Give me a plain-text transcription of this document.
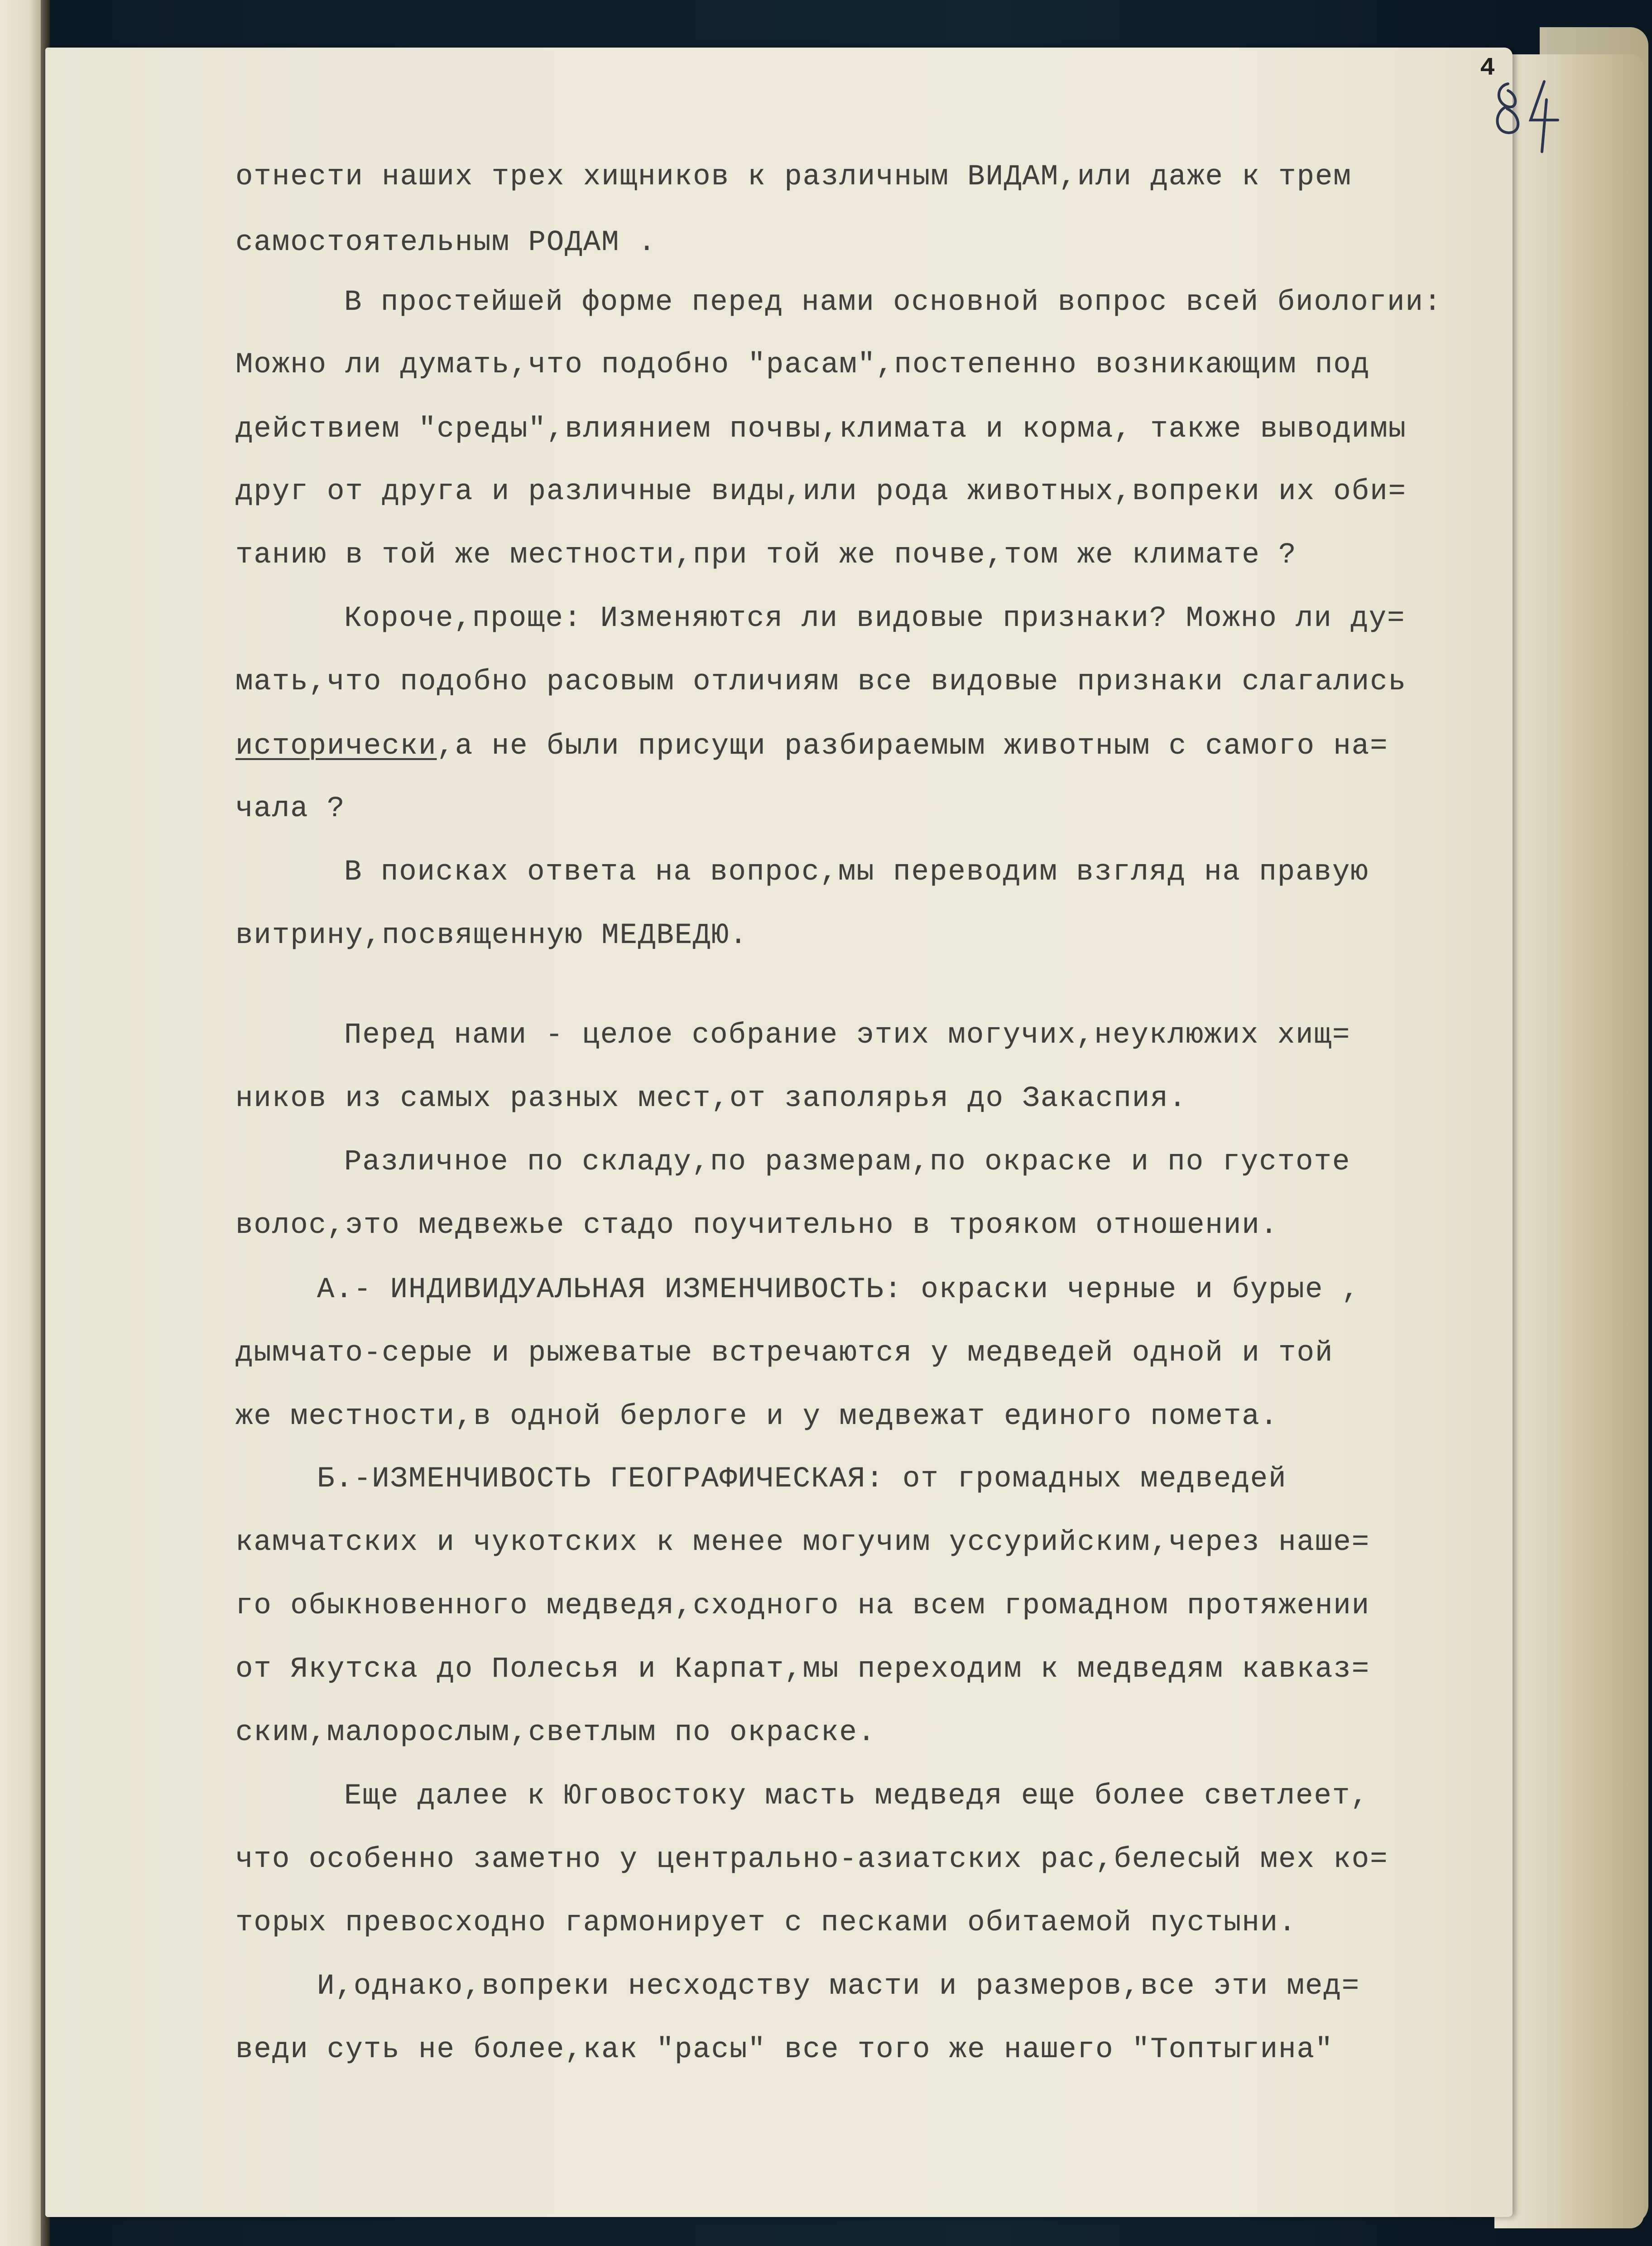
4

отнести наших трех хищников к различным ВИДАМ,или даже к трем

самостоятельным РОДАМ .

В простейшей форме перед нами основной вопрос всей биологии:

Можно ли думать,что подобно "расам",постепенно возникающим под

действием "среды",влиянием почвы,климата и корма, также выводимы

друг от друга и различные виды,или рода животных,вопреки их оби=

танию в той же местности,при той же почве,том же климате ?

Короче,проще: Изменяются ли видовые признаки? Можно ли ду=

мать,что подобно расовым отличиям все видовые признаки слагались

исторически,а не были присущи разбираемым животным с самого на=

чала ?

В поисках ответа на вопрос,мы переводим взгляд на правую

витрину,посвященную МЕДВЕДЮ.

Перед нами - целое собрание этих могучих,неуклюжих хищ=

ников из самых разных мест,от заполярья до Закаспия.

Различное по складу,по размерам,по окраске и по густоте

волос,это медвежье стадо поучительно в трояком отношении.

А.- ИНДИВИДУАЛЬНАЯ ИЗМЕНЧИВОСТЬ: окраски черные и бурые ,

дымчато-серые и рыжеватые встречаются у медведей одной и той

же местности,в одной берлоге и у медвежат единого помета.

Б.-ИЗМЕНЧИВОСТЬ ГЕОГРАФИЧЕСКАЯ: от громадных медведей

камчатских и чукотских к менее могучим уссурийским,через наше=

го обыкновенного медведя,сходного на всем громадном протяжении

от Якутска до Полесья и Карпат,мы переходим к медведям кавказ=

ским,малорослым,светлым по окраске.

Еще далее к Юговостоку масть медведя еще более светлеет,

что особенно заметно у центрально-азиатских рас,белесый мех ко=

торых превосходно гармонирует с песками обитаемой пустыни.

И,однако,вопреки несходству масти и размеров,все эти мед=

веди суть не более,как "расы" все того же нашего "Топтыгина"
